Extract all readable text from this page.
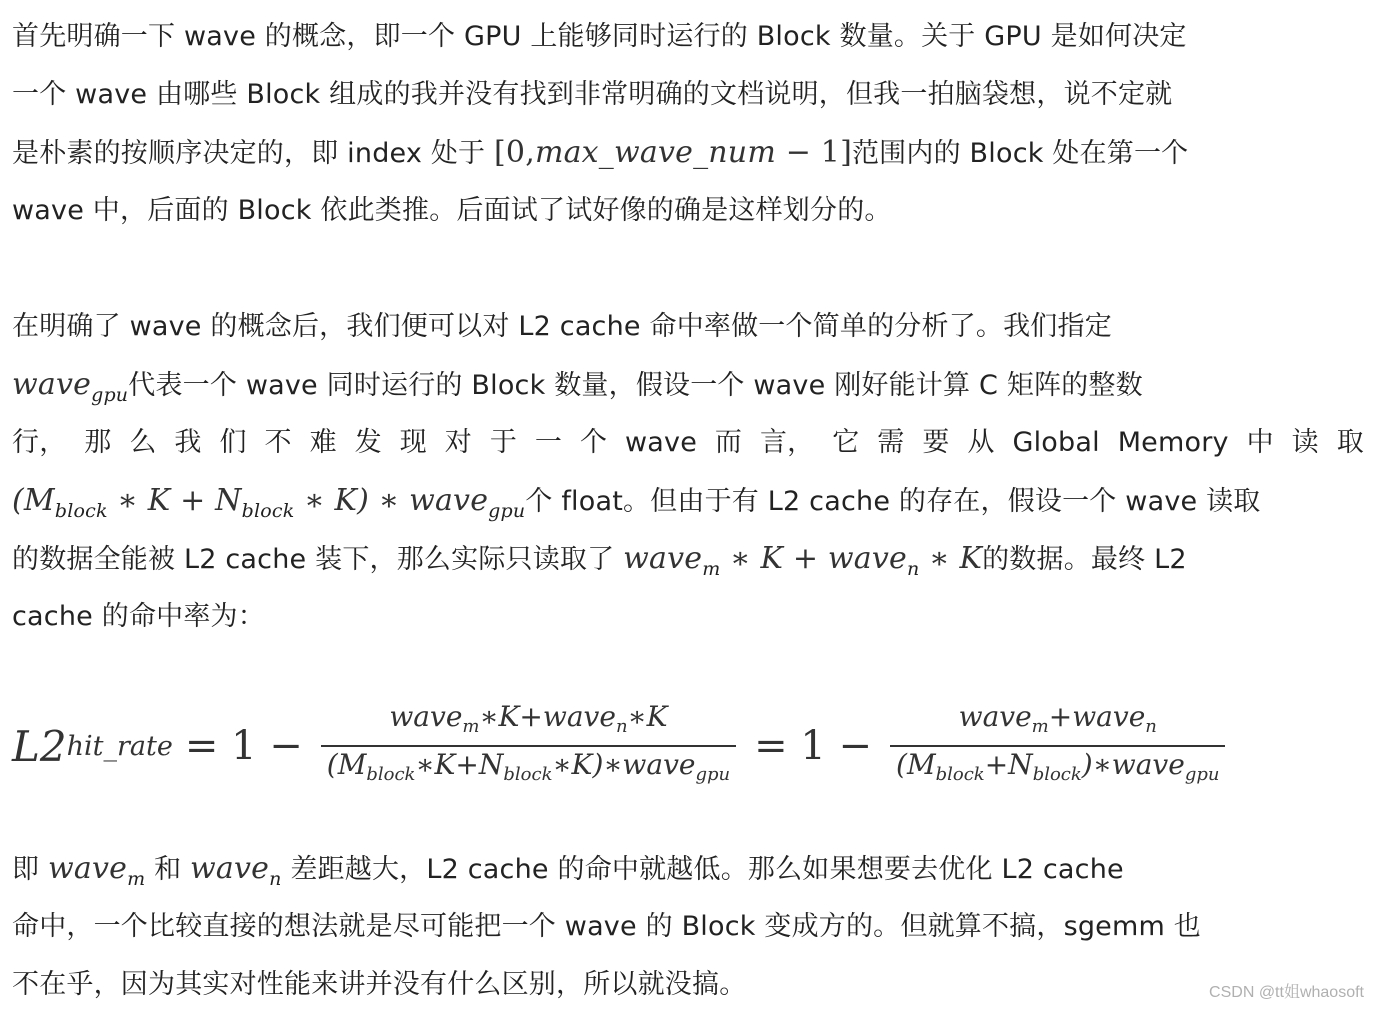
首先明确一下 wave 的概念，即一个 GPU 上能够同时运行的 Block 数量。关于 GPU 是如何决定
一个 wave 由哪些 Block 组成的我并没有找到非常明确的文档说明，但我一拍脑袋想，说不定就
是朴素的按顺序决定的，即 index 处于 [0,max_wave_num − 1]范围内的 Block 处在第一个
wave 中，后面的 Block 依此类推。后面试了试好像的确是这样划分的。
在明确了 wave 的概念后，我们便可以对 L2 cache 命中率做一个简单的分析了。我们指定
wave$_{gpu}$代表一个 wave 同时运行的 Block 数量，假设一个 wave 刚好能计算 C 矩阵的整数
行， 那 么 我 们 不 难 发 现 对 于 一 个 wave 而 言， 它 需 要 从 Global Memory 中 读 取
($M_{block}$ ∗ $K + N_{block}$ ∗ K) ∗ wave$_{gpu}$个 float。但由于有 L2 cache 的存在，假设一个 wave 读取
的数据全能被 L2 cache 装下，那么实际只读取了 wave$_m$ ∗ K + wave$_n$ ∗ K的数据。最终 L2
cache 的命中率为：
L2 hit_rate = $1 - \frac{wave_m∗K+wave_n∗K}{(M_{block}∗K+N_{block}∗K)∗wave_{gpu}} = 1 - \frac{wave_m+wave_n}{(M_{block}+N_{block})∗wave_{gpu}}$
即 wave$_m$ 和 wave$_n$ 差距越大，L2 cache 的命中就越低。那么如果想要去优化 L2 cache
命中，一个比较直接的想法就是尽可能把一个 wave 的 Block 变成方的。但就算不搞，sgemm 也
不在乎，因为其实对性能来讲并没有什么区别，所以就没搞。	CSDN @tt姐whaosoft
